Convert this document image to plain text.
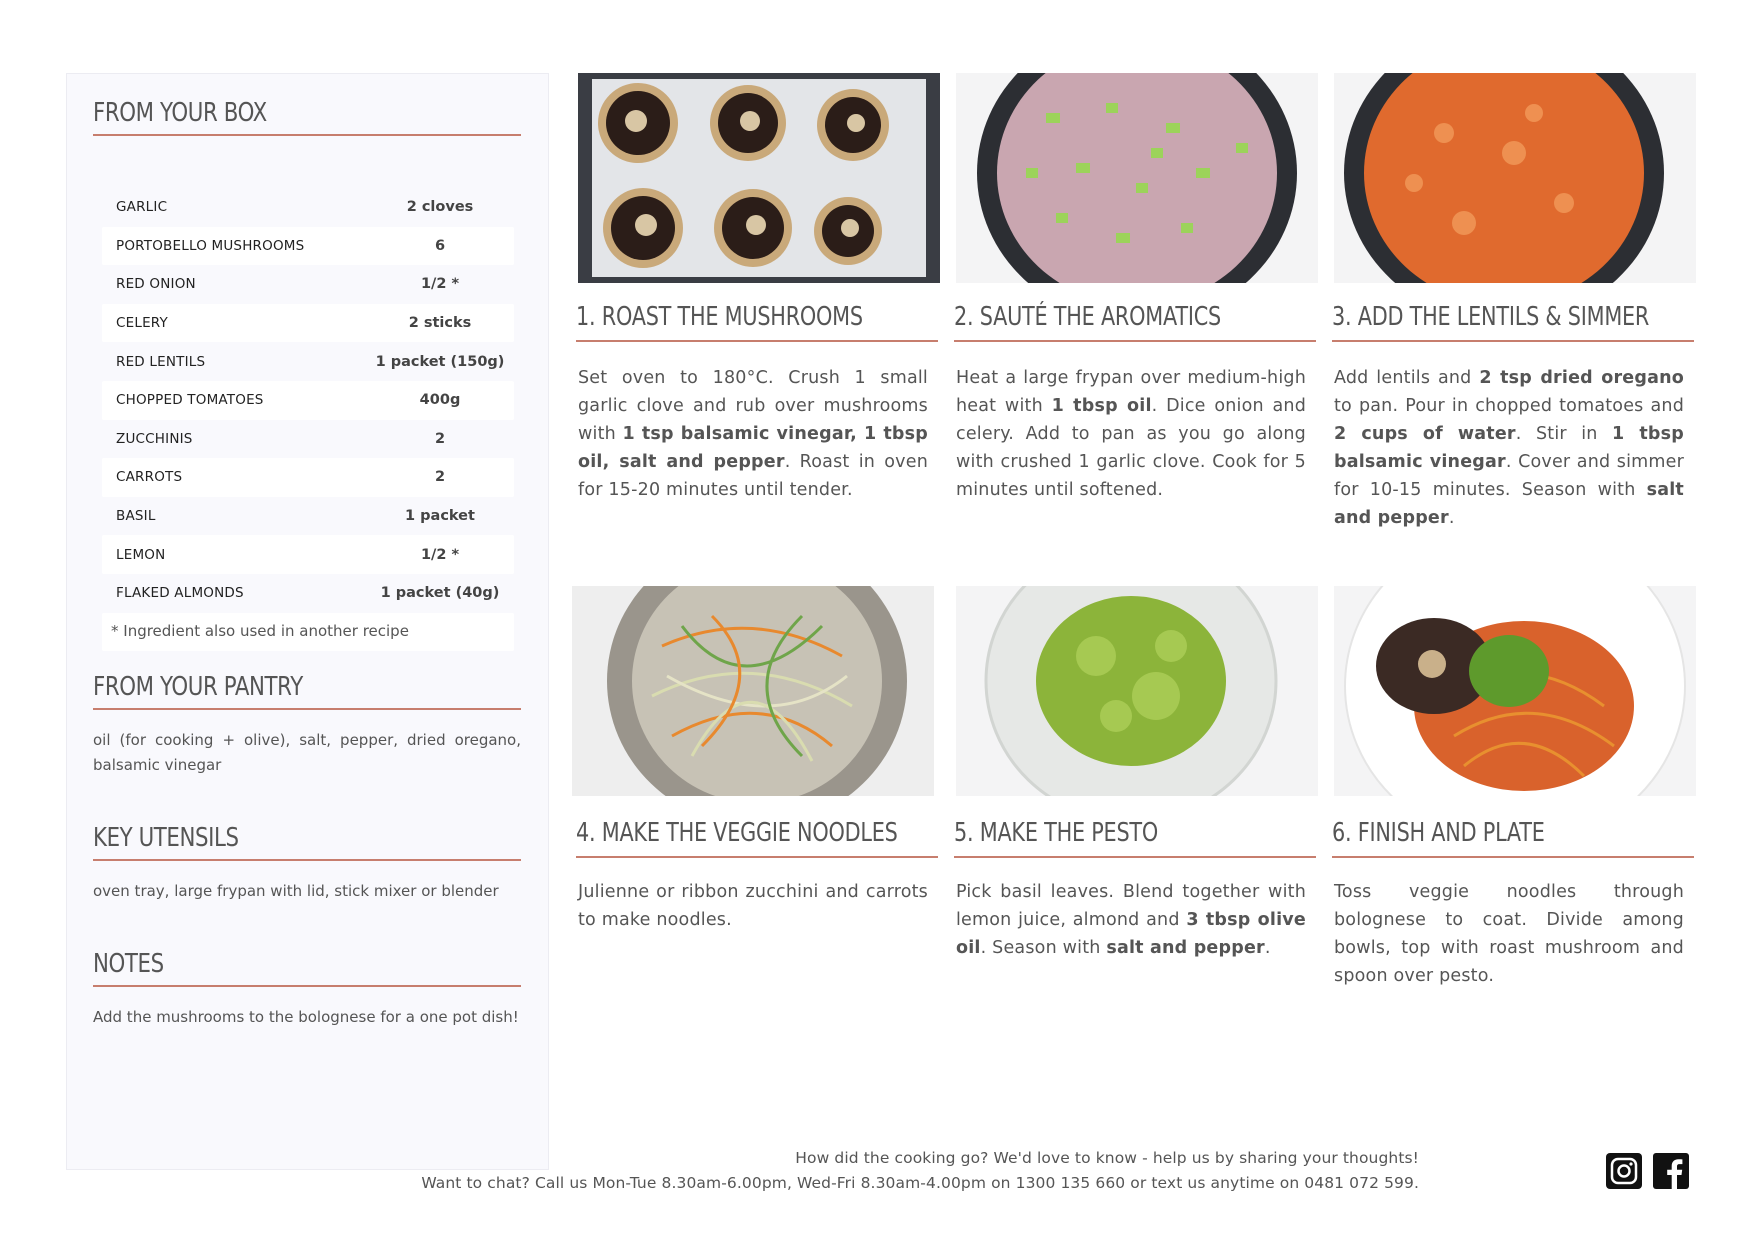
FROM YOUR BOX
GARLIC	2 cloves
PORTOBELLO MUSHROOMS	6
RED ONION	1/2 *
CELERY	2 sticks
RED LENTILS	1 packet (150g)
CHOPPED TOMATOES	400g
ZUCCHINIS	2
CARROTS	2
BASIL	1 packet
LEMON	1/2 *
FLAKED ALMONDS	1 packet (40g)
* Ingredient also used in another recipe
FROM YOUR PANTRY
oil (for cooking + olive), salt, pepper, dried oregano, balsamic vinegar
KEY UTENSILS
oven tray, large frypan with lid, stick mixer or blender
NOTES
Add the mushrooms to the bolognese for a one pot dish!
1. ROAST THE MUSHROOMS
Set oven to 180°C. Crush 1 small garlic clove and rub over mushrooms with 1 tsp balsamic vinegar, 1 tbsp oil, salt and pepper. Roast in oven for 15-20 minutes until tender.
2. SAUTÉ THE AROMATICS
Heat a large frypan over medium-high heat with 1 tbsp oil. Dice onion and celery. Add to pan as you go along with crushed 1 garlic clove. Cook for 5 minutes until softened.
3. ADD THE LENTILS & SIMMER
Add lentils and 2 tsp dried oregano to pan. Pour in chopped tomatoes and 2 cups of water. Stir in 1 tbsp balsamic vinegar. Cover and simmer for 10-15 minutes. Season with salt and pepper.
4. MAKE THE VEGGIE NOODLES
Julienne or ribbon zucchini and carrots to make noodles.
5. MAKE THE PESTO
Pick basil leaves. Blend together with lemon juice, almond and 3 tbsp olive oil. Season with salt and pepper.
6. FINISH AND PLATE
Toss veggie noodles through bolognese to coat. Divide among bowls, top with roast mushroom and spoon over pesto.
How did the cooking go? We'd love to know - help us by sharing your thoughts!
Want to chat? Call us Mon-Tue 8.30am-6.00pm, Wed-Fri 8.30am-4.00pm on 1300 135 660 or text us anytime on 0481 072 599.
